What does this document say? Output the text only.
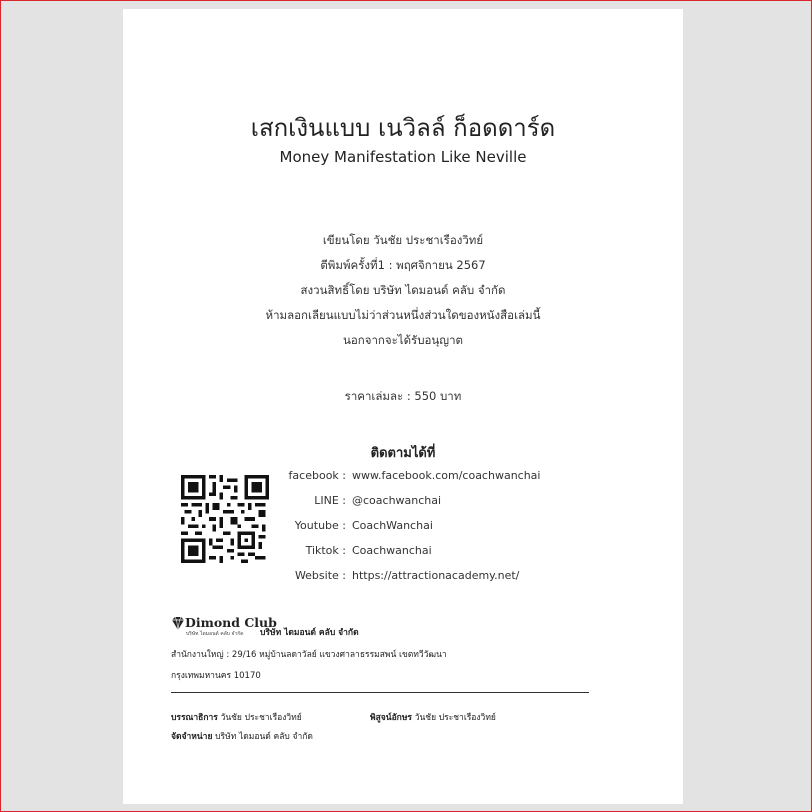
เสกเงินแบบ เนวิลล์ ก็อดดาร์ด
Money Manifestation Like Neville
เขียนโดย วันชัย ประชาเรืองวิทย์
ตีพิมพ์ครั้งที่1 : พฤศจิกายน 2567
สงวนสิทธิ์โดย บริษัท ไดมอนด์ คลับ จำกัด
ห้ามลอกเลียนแบบไม่ว่าส่วนหนึ่งส่วนใดของหนังสือเล่มนี้
นอกจากจะได้รับอนุญาต
ราคาเล่มละ : 550 บาท
ติดตามได้ที่
facebook : www.facebook.com/coachwanchai
LINE : @coachwanchai
Youtube : CoachWanchai
Tiktok : Coachwanchai
Website : https://attractionacademy.net/
Dimond Club
บริษัท ไดมอนด์ คลับ จำกัด บริษัท ไดมอนด์ คลับ จำกัด
สำนักงานใหญ่ : 29/16 หมู่บ้านลดาวัลย์ แขวงศาลาธรรมสพน์ เขตทวีวัฒนา
กรุงเทพมหานคร 10170
บรรณาธิการ วันชัย ประชาเรืองวิทย์	พิสูจน์อักษร วันชัย ประชาเรืองวิทย์
จัดจำหน่าย บริษัท ไดมอนด์ คลับ จำกัด
